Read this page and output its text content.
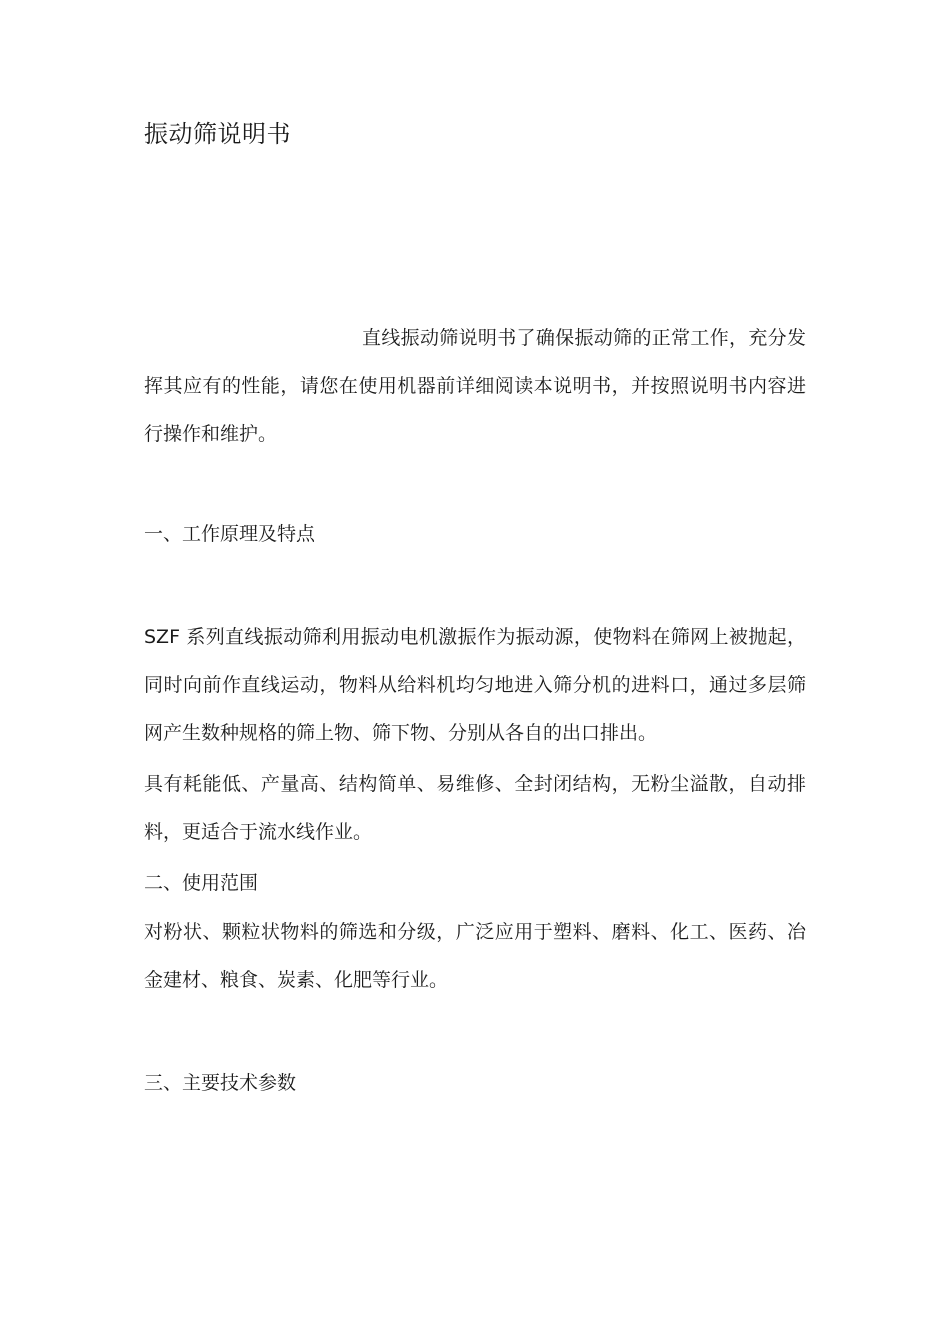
振动筛说明书

直线振动筛说明书了确保振动筛的正常工作，充分发挥其应有的性能，请您在使用机器前详细阅读本说明书，并按照说明书内容进行操作和维护。

一、工作原理及特点

SZF 系列直线振动筛利用振动电机激振作为振动源，使物料在筛网上被抛起，同时向前作直线运动，物料从给料机均匀地进入筛分机的进料口，通过多层筛网产生数种规格的筛上物、筛下物、分别从各自的出口排出。

具有耗能低、产量高、结构简单、易维修、全封闭结构，无粉尘溢散，自动排料，更适合于流水线作业。

二、使用范围

对粉状、颗粒状物料的筛选和分级，广泛应用于塑料、磨料、化工、医药、冶金建材、粮食、炭素、化肥等行业。

三、主要技术参数
